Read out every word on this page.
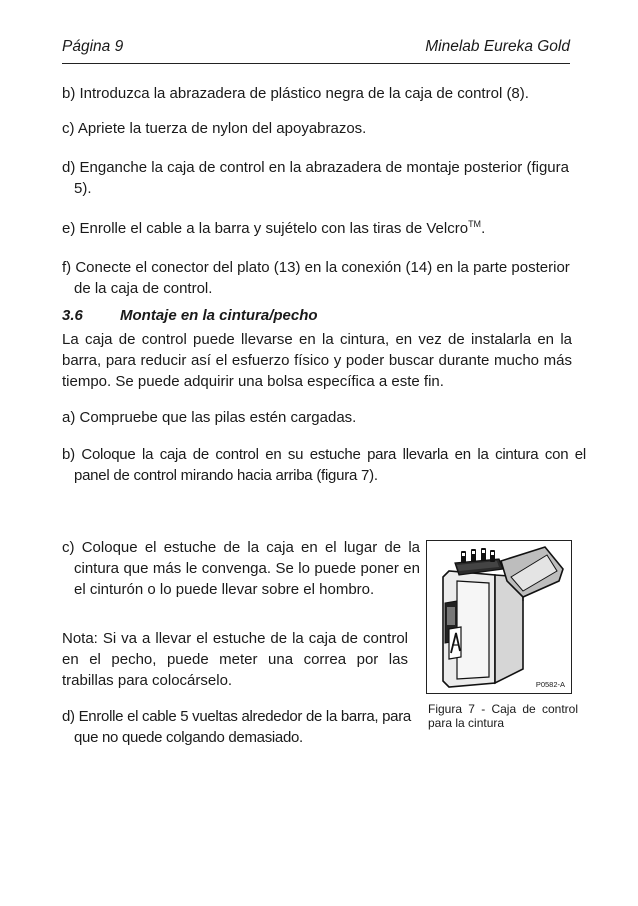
Página 9	Minelab Eureka Gold

b) Introduzca la abrazadera de plástico negra de la caja de control (8).

c) Apriete la tuerza de nylon del apoyabrazos.

d) Enganche la caja de control en la abrazadera de montaje posterior (figura 5).

e) Enrolle el cable a la barra y sujételo con las tiras de Velcro™.

f) Conecte el conector del plato (13) en la conexión (14) en la parte posterior de la caja de control.

3.6 Montaje en la cintura/pecho

La caja de control puede llevarse en la cintura, en vez de instalarla en la barra, para reducir así el esfuerzo físico y poder buscar durante mucho más tiempo. Se puede adquirir una bolsa específica a este fin.

a) Compruebe que las pilas estén cargadas.

b) Coloque la caja de control en su estuche para llevarla en la cintura con el panel de control mirando hacia arriba (figura 7).

c) Coloque el estuche de la caja en el lugar de la cintura que más le convenga. Se lo puede poner en el cinturón o lo puede llevar sobre el hombro.

Nota: Si va a llevar el estuche de la caja de control en el pecho, puede meter una correa por las trabillas para colocárselo.

d) Enrolle el cable 5 vueltas alrededor de la barra, para que no quede colgando demasiado.

P0582-A

Figura 7 - Caja de control para la cintura
